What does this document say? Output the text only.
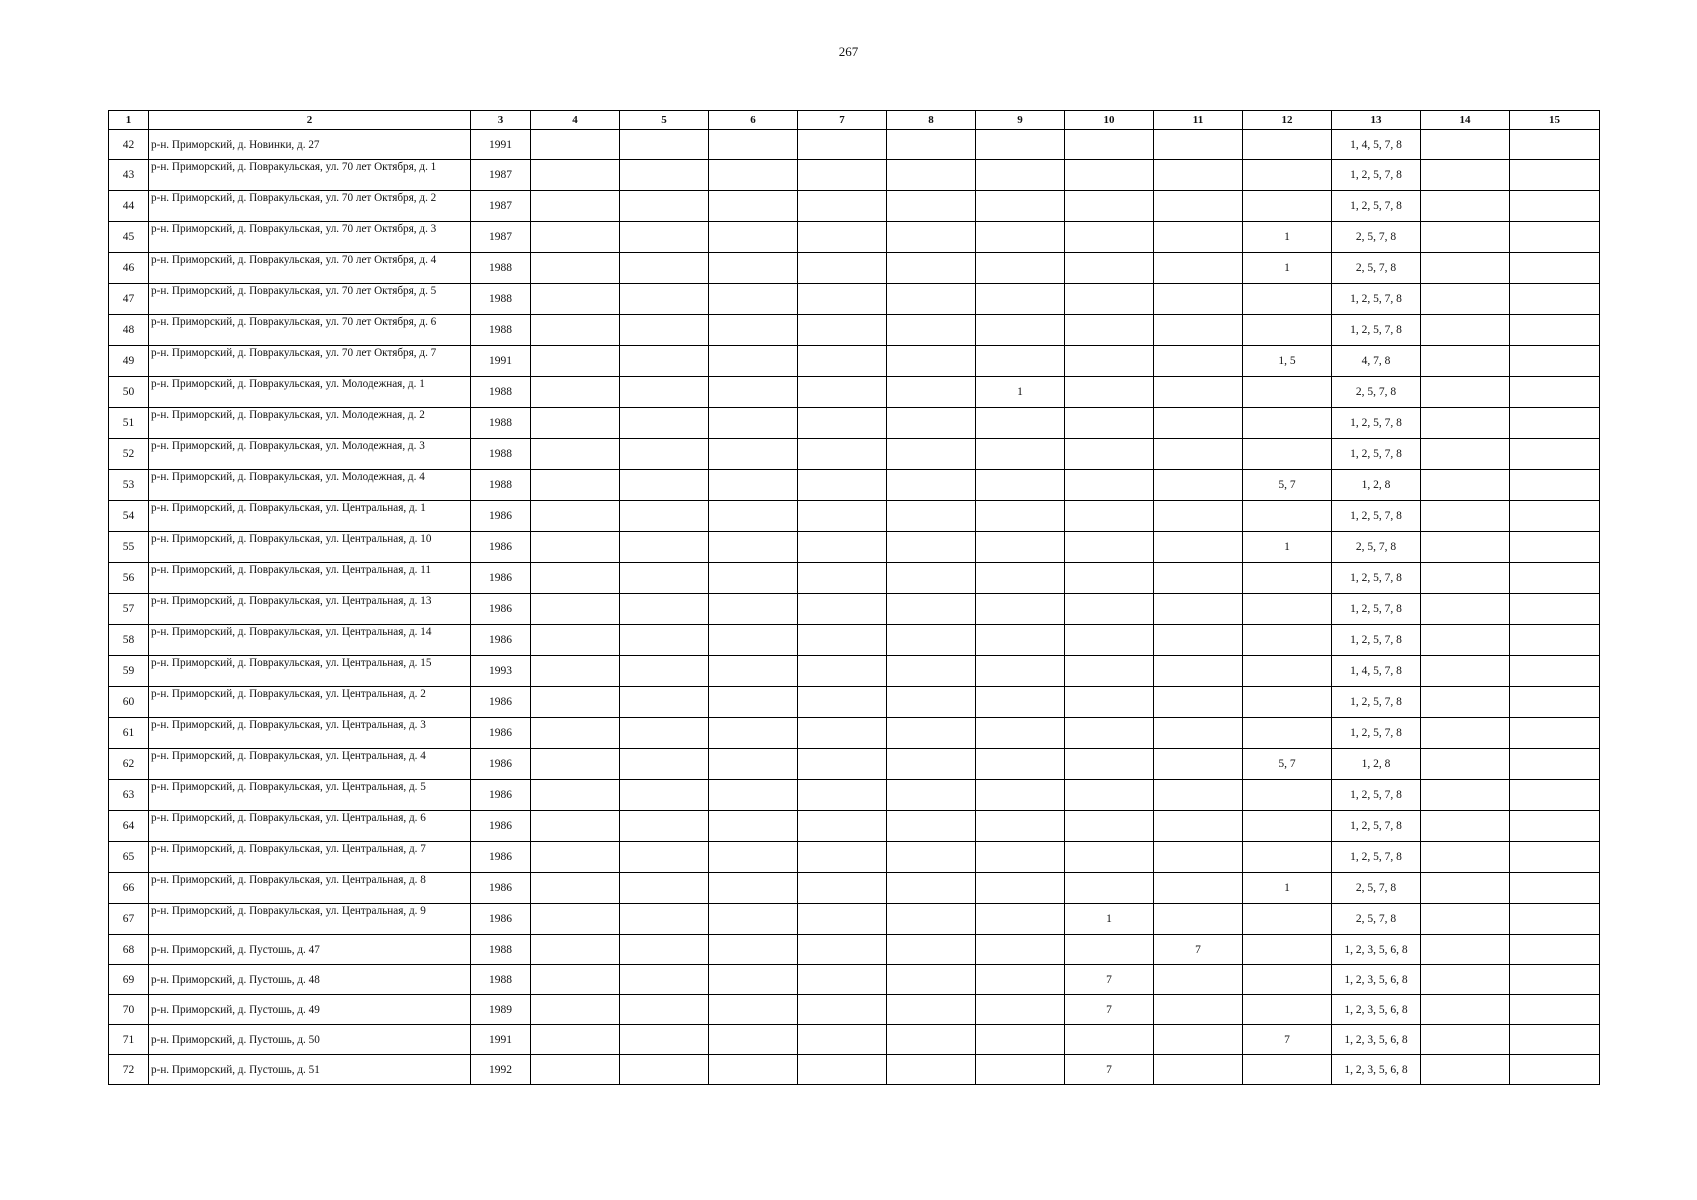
267
1	2	3	4	5	6	7	8	9	10	11	12	13	14	15
42	р-н. Приморский, д. Новинки, д. 27	1991										1, 4, 5, 7, 8		
43	р-н. Приморский, д. Повракульская, ул. 70 лет Октября, д. 1	1987										1, 2, 5, 7, 8		
44	р-н. Приморский, д. Повракульская, ул. 70 лет Октября, д. 2	1987										1, 2, 5, 7, 8		
45	р-н. Приморский, д. Повракульская, ул. 70 лет Октября, д. 3	1987									1	2, 5, 7, 8		
46	р-н. Приморский, д. Повракульская, ул. 70 лет Октября, д. 4	1988									1	2, 5, 7, 8		
47	р-н. Приморский, д. Повракульская, ул. 70 лет Октября, д. 5	1988										1, 2, 5, 7, 8		
48	р-н. Приморский, д. Повракульская, ул. 70 лет Октября, д. 6	1988										1, 2, 5, 7, 8		
49	р-н. Приморский, д. Повракульская, ул. 70 лет Октября, д. 7	1991									1, 5	4, 7, 8		
50	р-н. Приморский, д. Повракульская, ул. Молодежная, д. 1	1988						1				2, 5, 7, 8		
51	р-н. Приморский, д. Повракульская, ул. Молодежная, д. 2	1988										1, 2, 5, 7, 8		
52	р-н. Приморский, д. Повракульская, ул. Молодежная, д. 3	1988										1, 2, 5, 7, 8		
53	р-н. Приморский, д. Повракульская, ул. Молодежная, д. 4	1988									5, 7	1, 2, 8		
54	р-н. Приморский, д. Повракульская, ул. Центральная, д. 1	1986										1, 2, 5, 7, 8		
55	р-н. Приморский, д. Повракульская, ул. Центральная, д. 10	1986									1	2, 5, 7, 8		
56	р-н. Приморский, д. Повракульская, ул. Центральная, д. 11	1986										1, 2, 5, 7, 8		
57	р-н. Приморский, д. Повракульская, ул. Центральная, д. 13	1986										1, 2, 5, 7, 8		
58	р-н. Приморский, д. Повракульская, ул. Центральная, д. 14	1986										1, 2, 5, 7, 8		
59	р-н. Приморский, д. Повракульская, ул. Центральная, д. 15	1993										1, 4, 5, 7, 8		
60	р-н. Приморский, д. Повракульская, ул. Центральная, д. 2	1986										1, 2, 5, 7, 8		
61	р-н. Приморский, д. Повракульская, ул. Центральная, д. 3	1986										1, 2, 5, 7, 8		
62	р-н. Приморский, д. Повракульская, ул. Центральная, д. 4	1986									5, 7	1, 2, 8		
63	р-н. Приморский, д. Повракульская, ул. Центральная, д. 5	1986										1, 2, 5, 7, 8		
64	р-н. Приморский, д. Повракульская, ул. Центральная, д. 6	1986										1, 2, 5, 7, 8		
65	р-н. Приморский, д. Повракульская, ул. Центральная, д. 7	1986										1, 2, 5, 7, 8		
66	р-н. Приморский, д. Повракульская, ул. Центральная, д. 8	1986									1	2, 5, 7, 8		
67	р-н. Приморский, д. Повракульская, ул. Центральная, д. 9	1986							1			2, 5, 7, 8		
68	р-н. Приморский, д. Пустошь, д. 47	1988								7		1, 2, 3, 5, 6, 8		
69	р-н. Приморский, д. Пустошь, д. 48	1988							7			1, 2, 3, 5, 6, 8		
70	р-н. Приморский, д. Пустошь, д. 49	1989							7			1, 2, 3, 5, 6, 8		
71	р-н. Приморский, д. Пустошь, д. 50	1991									7	1, 2, 3, 5, 6, 8		
72	р-н. Приморский, д. Пустошь, д. 51	1992							7			1, 2, 3, 5, 6, 8		
